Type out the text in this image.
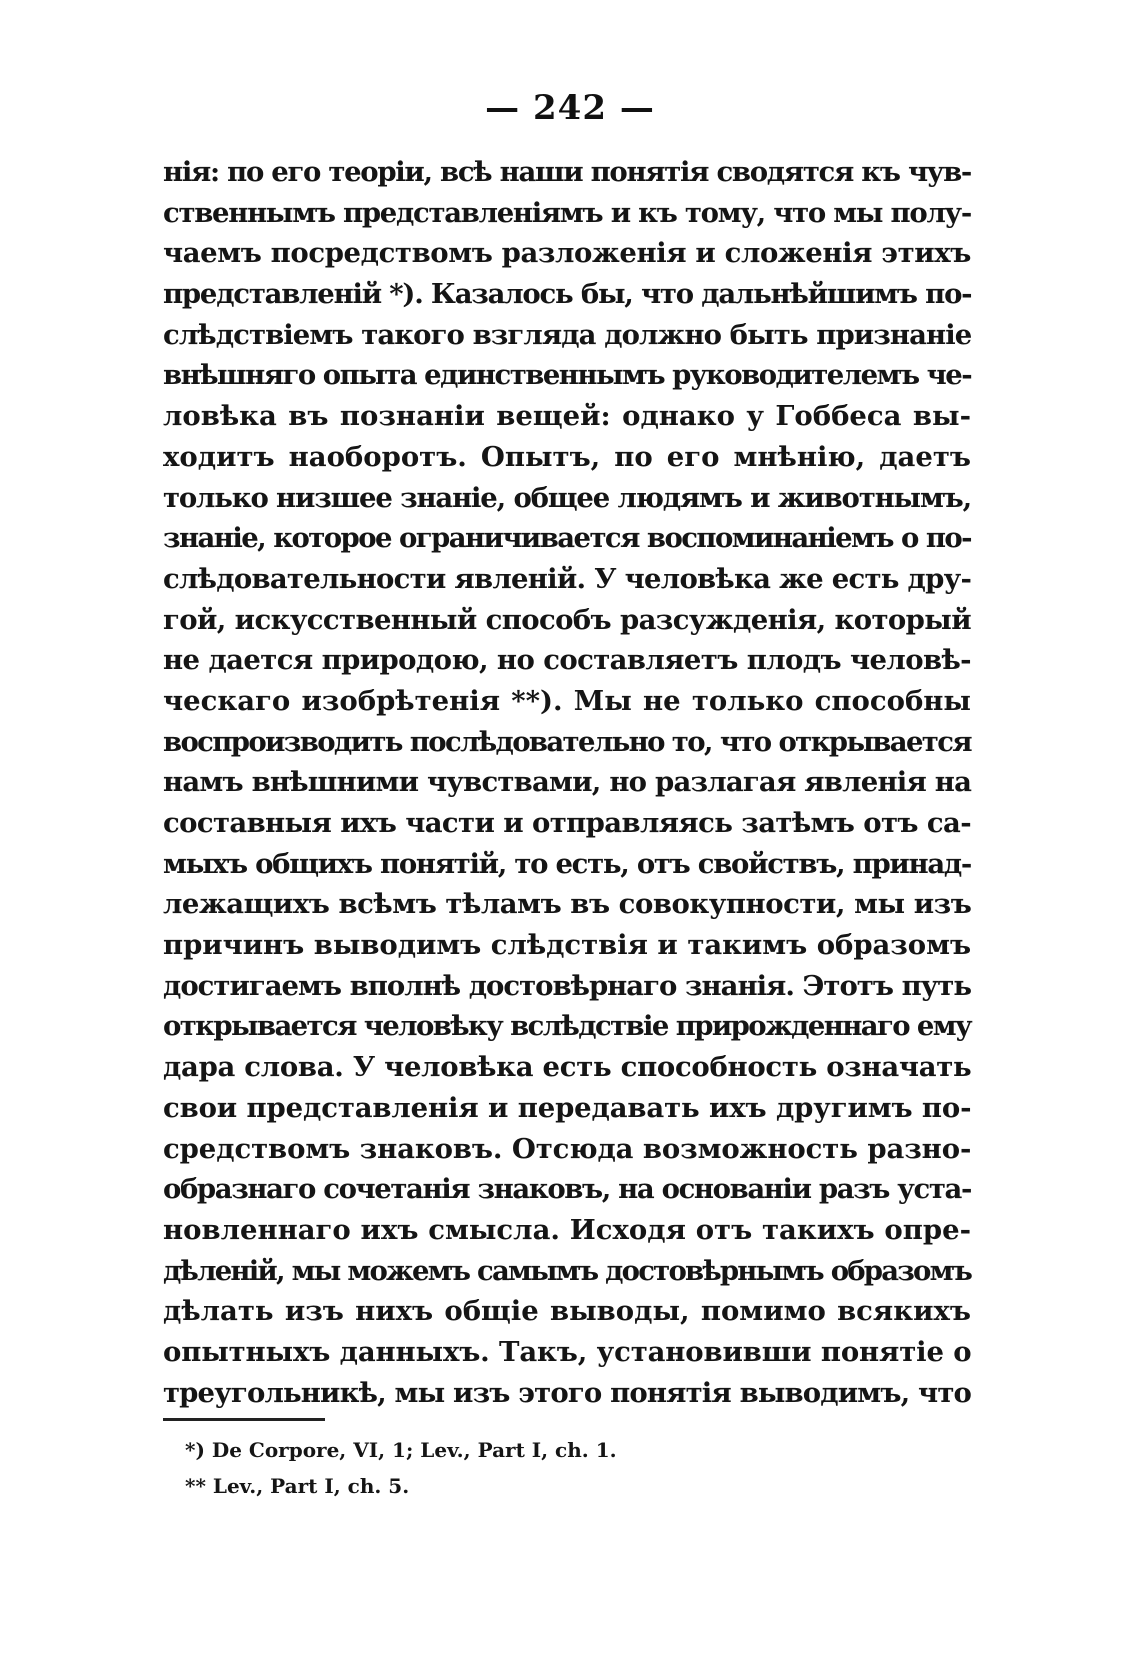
— 242 —
нія: по его теоріи, всѣ наши понятія сводятся къ чув-
ственнымъ представленіямъ и къ тому, что мы полу-
чаемъ посредствомъ разложенія и сложенія этихъ
представленій *). Казалось бы, что дальнѣйшимъ по-
слѣдствіемъ такого взгляда должно быть признаніе
внѣшняго опыта единственнымъ руководителемъ че-
ловѣка въ познаніи вещей: однако у Гоббеса вы-
ходитъ наоборотъ. Опытъ, по его мнѣнію, даетъ
только низшее знаніе, общее людямъ и животнымъ,
знаніе, которое ограничивается воспоминаніемъ о по-
слѣдовательности явленій. У человѣка же есть дру-
гой, искусственный способъ разсужденія, который
не дается природою, но составляетъ плодъ человѣ-
ческаго изобрѣтенія **). Мы не только способны
воспроизводить послѣдовательно то, что открывается
намъ внѣшними чувствами, но разлагая явленія на
составныя ихъ части и отправляясь затѣмъ отъ са-
мыхъ общихъ понятій, то есть, отъ свойствъ, принад-
лежащихъ всѣмъ тѣламъ въ совокупности, мы изъ
причинъ выводимъ слѣдствія и такимъ образомъ
достигаемъ вполнѣ достовѣрнаго знанія. Этотъ путь
открывается человѣку вслѣдствіе прирожденнаго ему
дара слова. У человѣка есть способность означать
свои представленія и передавать ихъ другимъ по-
средствомъ знаковъ. Отсюда возможность разно-
образнаго сочетанія знаковъ, на основаніи разъ уста-
новленнаго ихъ смысла. Исходя отъ такихъ опре-
дѣленій, мы можемъ самымъ достовѣрнымъ образомъ
дѣлать изъ нихъ общіе выводы, помимо всякихъ
опытныхъ данныхъ. Такъ, установивши понятіе о
треугольникѣ, мы изъ этого понятія выводимъ, что
*) De Corpore, VI, 1; Lev., Part I, ch. 1.
** Lev., Part I, ch. 5.
